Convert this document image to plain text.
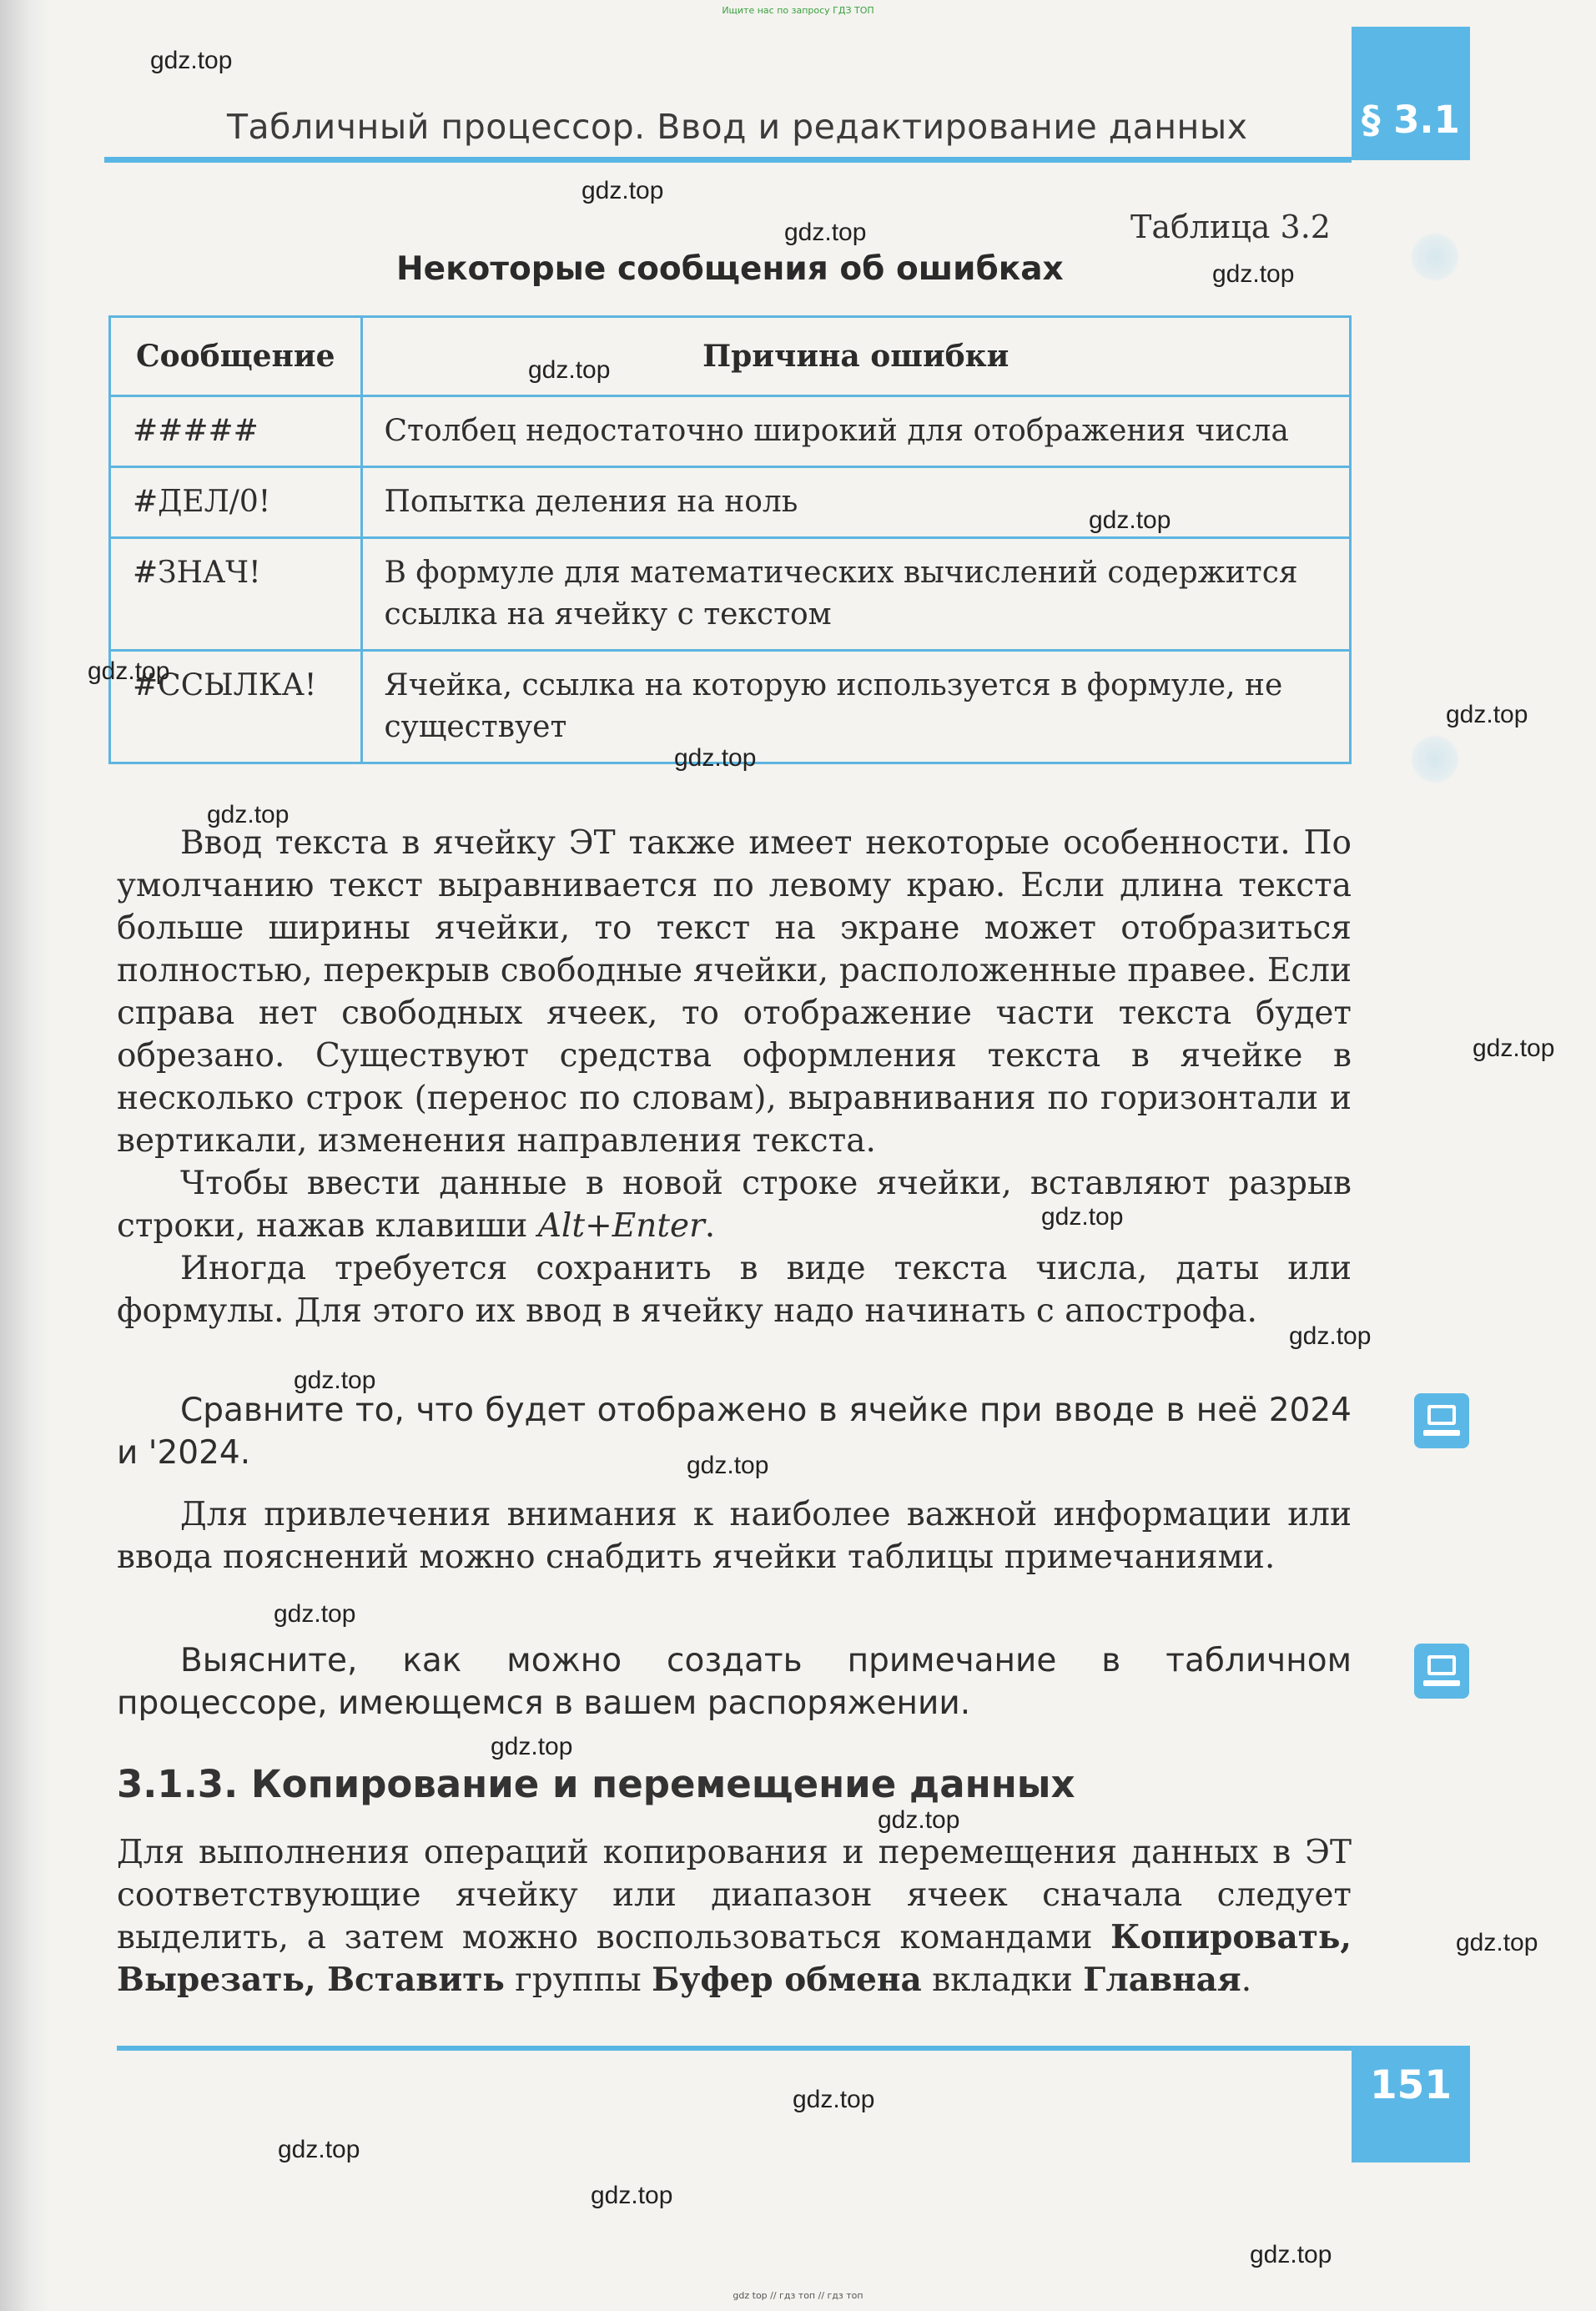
Ищите нас по запросу ГДЗ ТОП
Табличный процессор. Ввод и редактирование данных	§ 3.1
Таблица 3.2
Некоторые сообщения об ошибках
Сообщение	Причина ошибки
#####	Столбец недостаточно широкий для отображения числа
#ДЕЛ/0!	Попытка деления на ноль
#ЗНАЧ!	В формуле для математических вычислений содержится ссылка на ячейку с текстом
#ССЫЛКА!	Ячейка, ссылка на которую используется в формуле, не существует
Ввод текста в ячейку ЭТ также имеет некоторые особенности. По умолчанию текст выравнивается по левому краю. Если длина текста больше ширины ячейки, то текст на экране может отобразиться полностью, перекрыв свободные ячейки, расположенные правее. Если справа нет свободных ячеек, то отображение части текста будет обрезано. Существуют средства оформления текста в ячейке в несколько строк (перенос по словам), выравнивания по горизонтали и вертикали, изменения направления текста.
Чтобы ввести данные в новой строке ячейки, вставляют разрыв строки, нажав клавиши Alt+Enter.
Иногда требуется сохранить в виде текста числа, даты или формулы. Для этого их ввод в ячейку надо начинать с апострофа.
Сравните то, что будет отображено в ячейке при вводе в неё 2024 и '2024.
Для привлечения внимания к наиболее важной информации или ввода пояснений можно снабдить ячейки таблицы примечаниями.
Выясните, как можно создать примечание в табличном процессоре, имеющемся в вашем распоряжении.
3.1.3. Копирование и перемещение данных
Для выполнения операций копирования и перемещения данных в ЭТ соответствующие ячейку или диапазон ячеек сначала следует выделить, а затем можно воспользоваться командами Копировать, Вырезать, Вставить группы Буфер обмена вкладки Главная.
151
gdz.top
gdz.top
gdz.top
gdz.top
gdz.top
gdz.top
gdz.top
gdz.top
gdz.top
gdz.top
gdz.top
gdz.top
gdz.top
gdz.top
gdz.top
gdz.top
gdz.top
gdz.top
gdz.top
gdz.top
gdz.top
gdz.top
gdz.top
gdz top // гдз топ // гдз топ
